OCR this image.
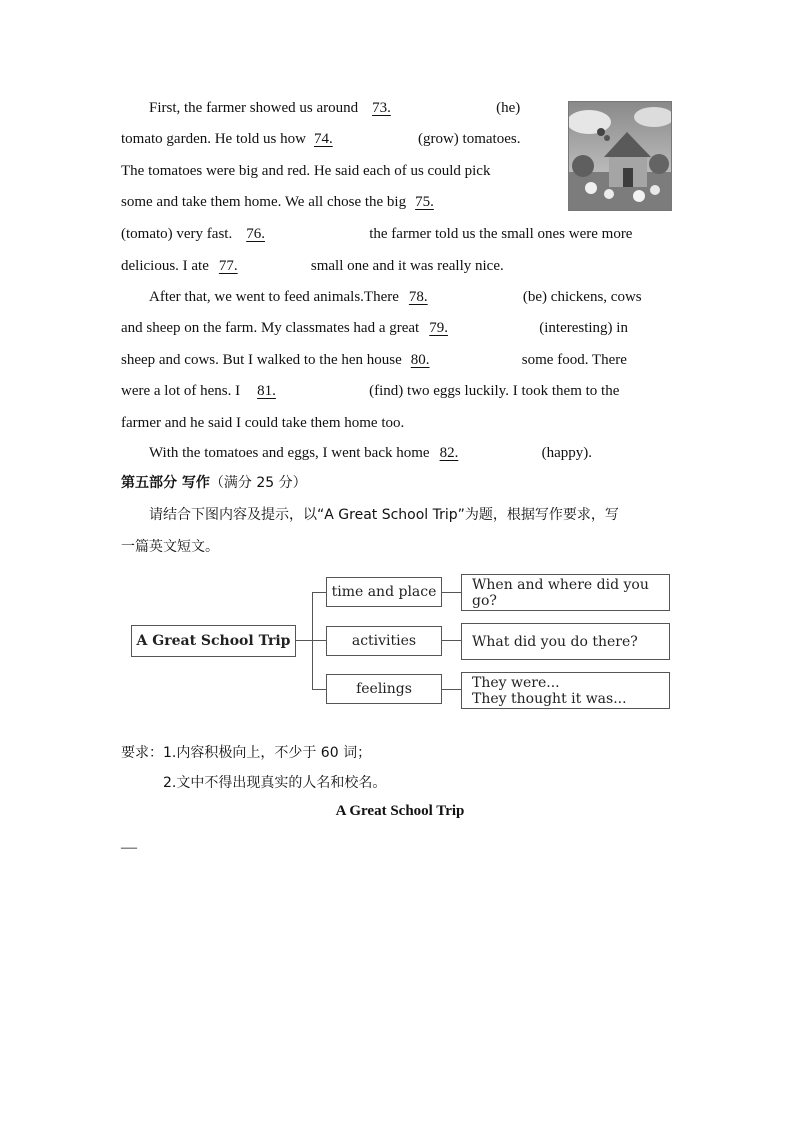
First, the farmer showed us around 73.	(he)
tomato garden. He told us how 74.	(grow) tomatoes.
The tomatoes were big and red. He said each of us could pick
some and take them home. We all chose the big 75.
(tomato) very fast. 76.	the farmer told us the small ones were more
delicious. I ate 77.	small one and it was really nice.
After that, we went to feed animals.There 78.	(be) chickens, cows
and sheep on the farm. My classmates had a great 79.	(interesting) in
sheep and cows. But I walked to the hen house 80.	some food. There
were a lot of hens. I 81.	(find) two eggs luckily. I took them to the
farmer and he said I could take them home too.
With the tomatoes and eggs, I went back home 82.	(happy).
第五部分 写作（满分 25 分）
请结合下图内容及提示，以“A Great School Trip”为题，根据写作要求，写
一篇英文短文。
A Great School Trip
time and place
activities
feelings
When and where did you go?
What did you do there?
They were...
They thought it was...
要求：1.内容积极向上，不少于 60 词；
2.文中不得出现真实的人名和校名。
A Great School Trip
—
